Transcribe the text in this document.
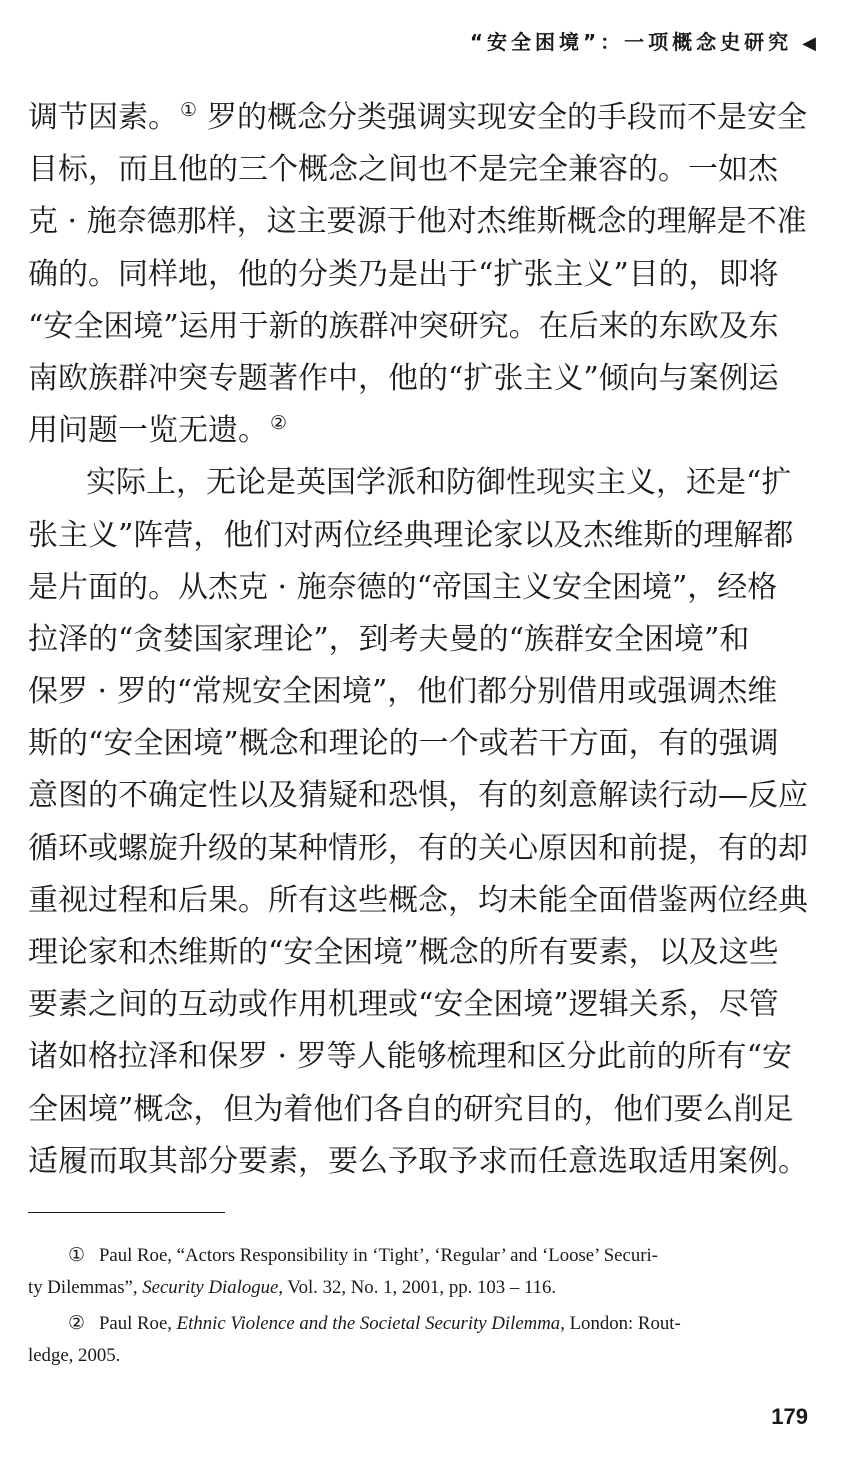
“安全困境”：一项概念史研究 ◀
调节因素。 ① 罗的概念分类强调实现安全的手段而不是安全
目标，而且他的三个概念之间也不是完全兼容的。一如杰
克 · 施奈德那样，这主要源于他对杰维斯概念的理解是不准
确的。同样地，他的分类乃是出于“扩张主义”目的，即将
“安全困境”运用于新的族群冲突研究。在后来的东欧及东
南欧族群冲突专题著作中，他的“扩张主义”倾向与案例运
用问题一览无遗。 ②
实际上，无论是英国学派和防御性现实主义，还是“扩
张主义”阵营，他们对两位经典理论家以及杰维斯的理解都
是片面的。从杰克 · 施奈德的“帝国主义安全困境”，经格
拉泽的“贪婪国家理论”，到考夫曼的“族群安全困境”和
保罗 · 罗的“常规安全困境”，他们都分别借用或强调杰维
斯的“安全困境”概念和理论的一个或若干方面，有的强调
意图的不确定性以及猜疑和恐惧，有的刻意解读行动—反应
循环或螺旋升级的某种情形，有的关心原因和前提，有的却
重视过程和后果。所有这些概念，均未能全面借鉴两位经典
理论家和杰维斯的“安全困境”概念的所有要素，以及这些
要素之间的互动或作用机理或“安全困境”逻辑关系，尽管
诸如格拉泽和保罗 · 罗等人能够梳理和区分此前的所有“安
全困境”概念，但为着他们各自的研究目的，他们要么削足
适履而取其部分要素，要么予取予求而任意选取适用案例。
① Paul Roe, “Actors Responsibility in ‘Tight’, ‘Regular’ and ‘Loose’ Securi-
ty Dilemmas”, Security Dialogue, Vol. 32, No. 1, 2001, pp. 103 – 116.
② Paul Roe, Ethnic Violence and the Societal Security Dilemma, London: Rout-
ledge, 2005.
179
